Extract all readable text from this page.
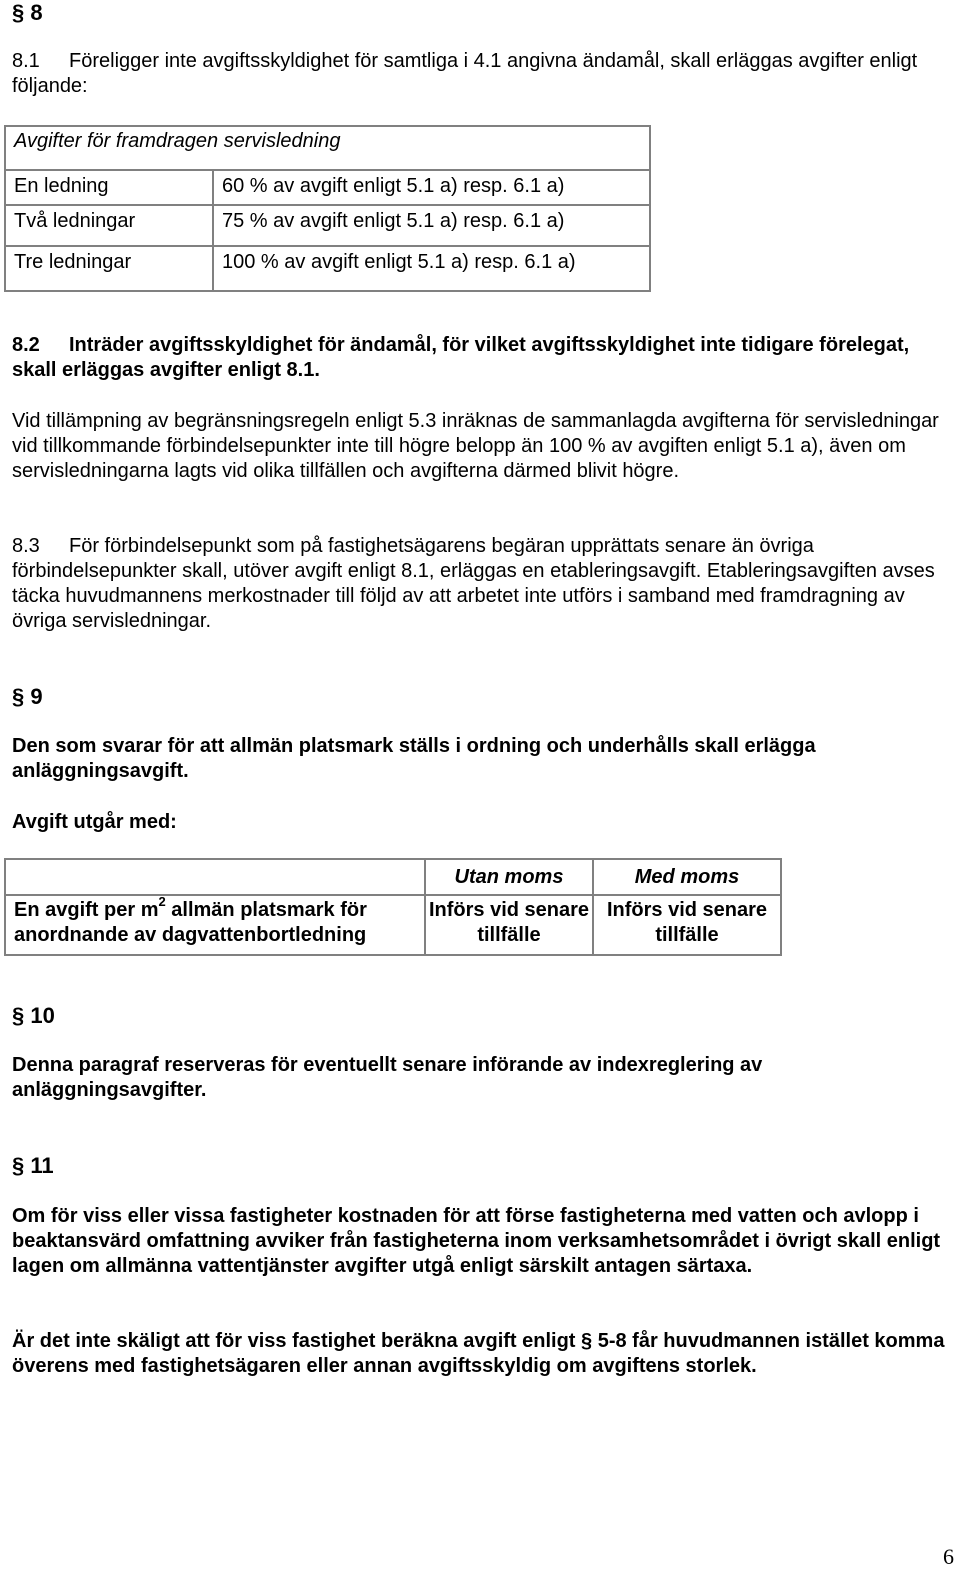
§ 8

8.1 Föreligger inte avgiftsskyldighet för samtliga i 4.1 angivna ändamål, skall erläggas avgifter enligt följande:

Avgifter för framdragen servisledning	
En ledning	60 % av avgift enligt 5.1 a) resp. 6.1 a)
Två ledningar	75 % av avgift enligt 5.1 a) resp. 6.1 a)
Tre ledningar	100 % av avgift enligt 5.1 a) resp. 6.1 a)

8.2 Inträder avgiftsskyldighet för ändamål, för vilket avgiftsskyldighet inte tidigare förelegat, skall erläggas avgifter enligt 8.1.

Vid tillämpning av begränsningsregeln enligt 5.3 inräknas de sammanlagda avgifterna för servisledningar vid tillkommande förbindelsepunkter inte till högre belopp än 100 % av avgiften enligt 5.1 a), även om servisledningarna lagts vid olika tillfällen och avgifterna därmed blivit högre.

8.3 För förbindelsepunkt som på fastighetsägarens begäran upprättats senare än övriga förbindelsepunkter skall, utöver avgift enligt 8.1, erläggas en etableringsavgift. Etableringsavgiften avses täcka huvudmannens merkostnader till följd av att arbetet inte utförs i samband med framdragning av övriga servisledningar.

§ 9

Den som svarar för att allmän platsmark ställs i ordning och underhålls skall erlägga anläggningsavgift.

Avgift utgår med:

	Utan moms	Med moms
En avgift per $m^2$ allmän platsmark för anordnande av dagvattenbortledning	Införs vid senare tillfälle	Införs vid senare tillfälle
§ 10

Denna paragraf reserveras för eventuellt senare införande av indexreglering av anläggningsavgifter.

§ 11

Om för viss eller vissa fastigheter kostnaden för att förse fastigheterna med vatten och avlopp i beaktansvärd omfattning avviker från fastigheterna inom verksamhetsområdet i övrigt skall enligt lagen om allmänna vattentjänster avgifter utgå enligt särskilt antagen särtaxa.

Är det inte skäligt att för viss fastighet beräkna avgift enligt § 5-8 får huvudmannen istället komma överens med fastighetsägaren eller annan avgiftsskyldig om avgiftens storlek.

6
